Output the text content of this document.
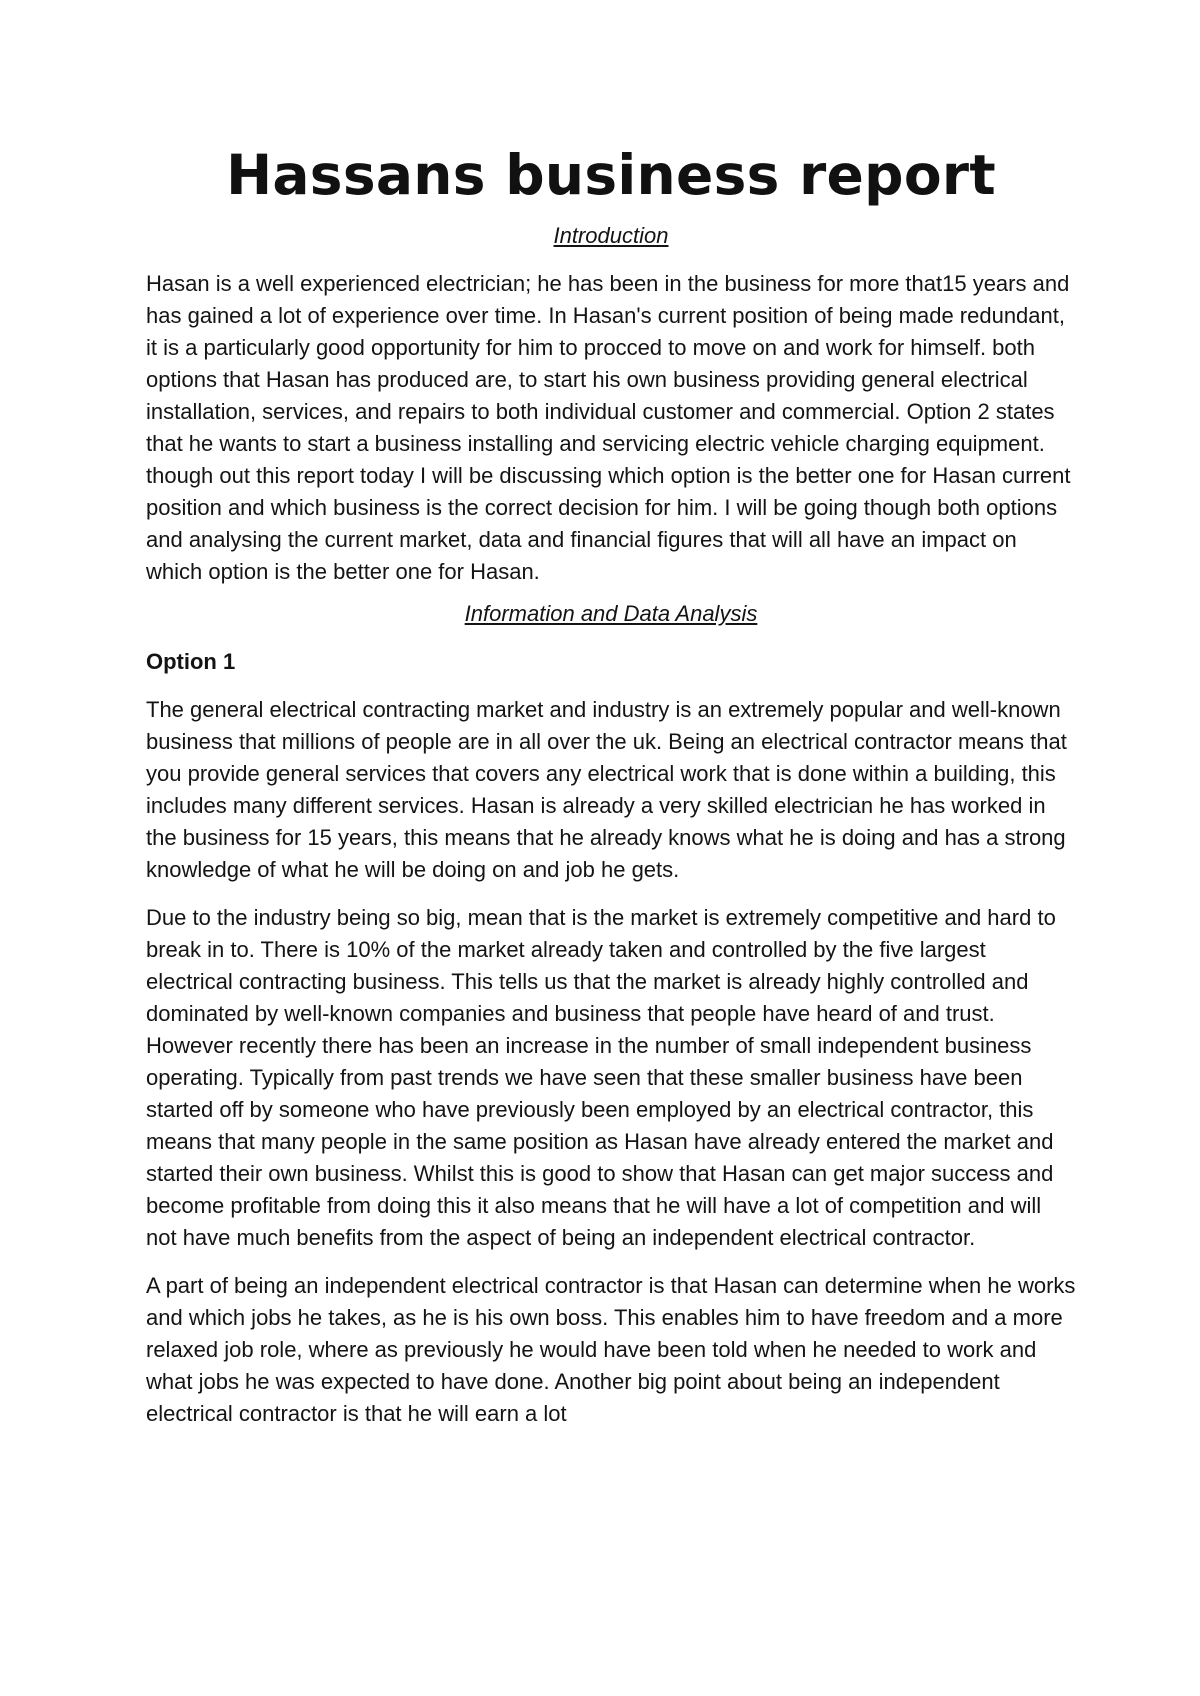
Hassans business report
Introduction

Hasan is a well experienced electrician; he has been in the business for more that15 years and has gained a lot of experience over time. In Hasan's current position of being made redundant, it is a particularly good opportunity for him to procced to move on and work for himself. both options that Hasan has produced are, to start his own business providing general electrical installation, services, and repairs to both individual customer and commercial. Option 2 states that he wants to start a business installing and servicing electric vehicle charging equipment. though out this report today I will be discussing which option is the better one for Hasan current position and which business is the correct decision for him. I will be going though both options and analysing the current market, data and financial figures that will all have an impact on which option is the better one for Hasan.

Information and Data Analysis
Option 1

The general electrical contracting market and industry is an extremely popular and well-known business that millions of people are in all over the uk. Being an electrical contractor means that you provide general services that covers any electrical work that is done within a building, this includes many different services. Hasan is already a very skilled electrician he has worked in the business for 15 years, this means that he already knows what he is doing and has a strong knowledge of what he will be doing on and job he gets.

Due to the industry being so big, mean that is the market is extremely competitive and hard to break in to. There is 10% of the market already taken and controlled by the five largest electrical contracting business. This tells us that the market is already highly controlled and dominated by well-known companies and business that people have heard of and trust. However recently there has been an increase in the number of small independent business operating. Typically from past trends we have seen that these smaller business have been started off by someone who have previously been employed by an electrical contractor, this means that many people in the same position as Hasan have already entered the market and started their own business. Whilst this is good to show that Hasan can get major success and become profitable from doing this it also means that he will have a lot of competition and will not have much benefits from the aspect of being an independent electrical contractor.

A part of being an independent electrical contractor is that Hasan can determine when he works and which jobs he takes, as he is his own boss. This enables him to have freedom and a more relaxed job role, where as previously he would have been told when he needed to work and what jobs he was expected to have done. Another big point about being an independent electrical contractor is that he will earn a lot
